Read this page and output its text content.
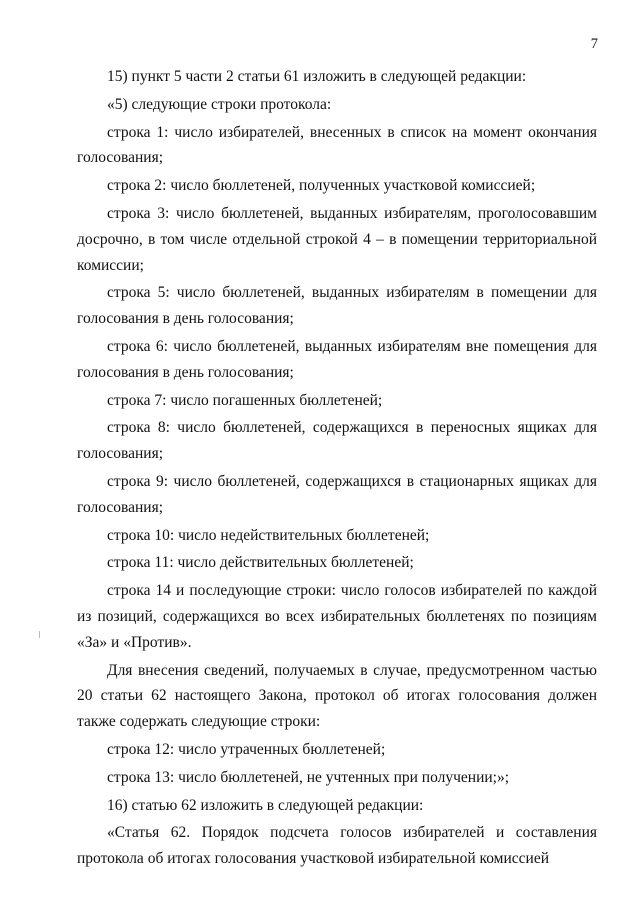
7

15) пункт 5 части 2 статьи 61 изложить в следующей редакции:

«5) следующие строки протокола:

строка 1: число избирателей, внесенных в список на момент окончания голосования;

строка 2: число бюллетеней, полученных участковой комиссией;

строка 3: число бюллетеней, выданных избирателям, проголосовавшим досрочно, в том числе отдельной строкой 4 – в помещении территориальной комиссии;

строка 5: число бюллетеней, выданных избирателям в помещении для голосования в день голосования;

строка 6: число бюллетеней, выданных избирателям вне помещения для голосования в день голосования;

строка 7: число погашенных бюллетеней;

строка 8: число бюллетеней, содержащихся в переносных ящиках для голосования;

строка 9: число бюллетеней, содержащихся в стационарных ящиках для голосования;

строка 10: число недействительных бюллетеней;

строка 11: число действительных бюллетеней;

строка 14 и последующие строки: число голосов избирателей по каждой из позиций, содержащихся во всех избирательных бюллетенях по позициям «За» и «Против».

Для внесения сведений, получаемых в случае, предусмотренном частью 20 статьи 62 настоящего Закона, протокол об итогах голосования должен также содержать следующие строки:

строка 12: число утраченных бюллетеней;

строка 13: число бюллетеней, не учтенных при получении;»;

16) статью 62 изложить в следующей редакции:

«Статья 62. Порядок подсчета голосов избирателей и составления протокола об итогах голосования участковой избирательной комиссией
